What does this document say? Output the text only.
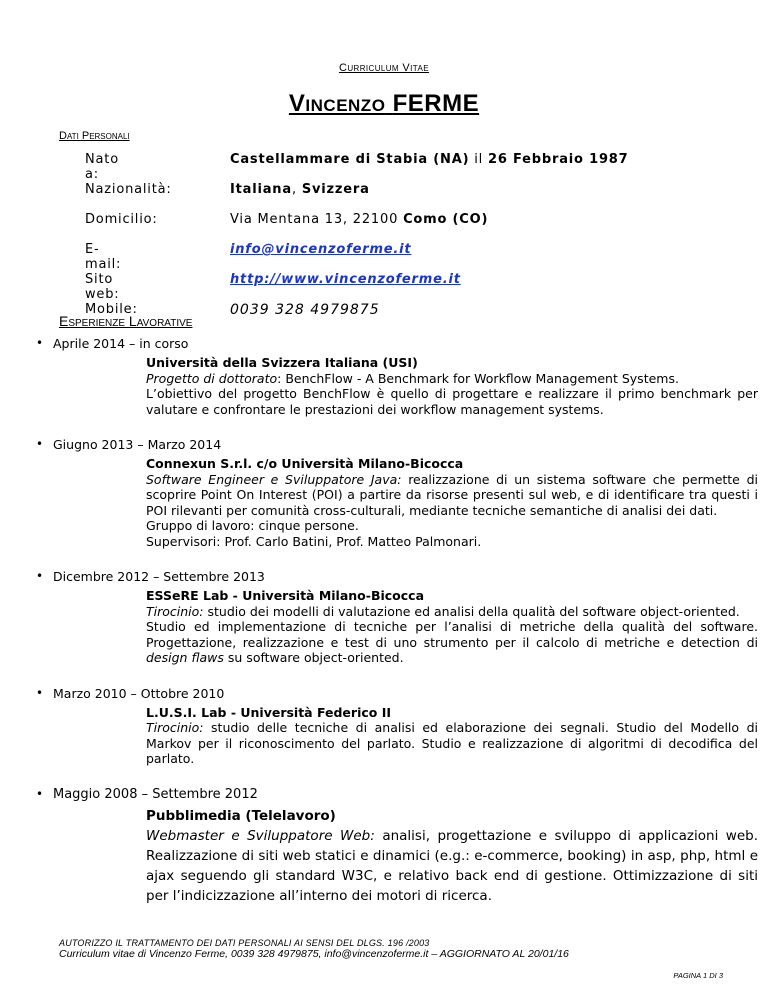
Curriculum Vitae
Vincenzo FERME
Dati Personali
Nato a:
Castellammare di Stabia (NA) il 26 Febbraio 1987
Nazionalità:	Italiana, Svizzera
Domicilio:	Via Mentana 13, 22100 Como (CO)
E-mail:
info@vincenzoferme.it
Sito web:
http://www.vincenzoferme.it
Mobile:	0039 328 4979875
Esperienze Lavorative
• Aprile 2014 – in corso

Università della Svizzera Italiana (USI)

Progetto di dottorato: BenchFlow - A Benchmark for Workflow Management Systems.

L’obiettivo del progetto BenchFlow è quello di progettare e realizzare il primo benchmark per valutare e confrontare le prestazioni dei workflow management systems.

• Giugno 2013 – Marzo 2014

Connexun S.r.l. c/o Università Milano-Bicocca

Software Engineer e Sviluppatore Java: realizzazione di un sistema software che permette di scoprire Point On Interest (POI) a partire da risorse presenti sul web, e di identificare tra questi i POI rilevanti per comunità cross-culturali, mediante tecniche semantiche di analisi dei dati.

Gruppo di lavoro: cinque persone.

Supervisori: Prof. Carlo Batini, Prof. Matteo Palmonari.

• Dicembre 2012 – Settembre 2013

ESSeRE Lab - Università Milano-Bicocca

Tirocinio: studio dei modelli di valutazione ed analisi della qualità del software object-oriented.

Studio ed implementazione di tecniche per l’analisi di metriche della qualità del software. Progettazione, realizzazione e test di uno strumento per il calcolo di metriche e detection di design flaws su software object-oriented.

• Marzo 2010 – Ottobre 2010

L.U.S.I. Lab - Università Federico II

Tirocinio: studio delle tecniche di analisi ed elaborazione dei segnali. Studio del Modello di Markov per il riconoscimento del parlato. Studio e realizzazione di algoritmi di decodifica del parlato.

• Maggio 2008 – Settembre 2012

Pubblimedia (Telelavoro)

Webmaster e Sviluppatore Web: analisi, progettazione e sviluppo di applicazioni web. Realizzazione di siti web statici e dinamici (e.g.: e-commerce, booking) in asp, php, html e ajax seguendo gli standard W3C, e relativo back end di gestione. Ottimizzazione di siti per l’indicizzazione all’interno dei motori di ricerca.

AUTORIZZO IL TRATTAMENTO DEI DATI PERSONALI AI SENSI DEL DLGS. 196 /2003
Curriculum vitae di Vincenzo Ferme, 0039 328 4979875, info@vincenzoferme.it – AGGIORNATO AL 20/01/16
PAGINA 1 DI 3
